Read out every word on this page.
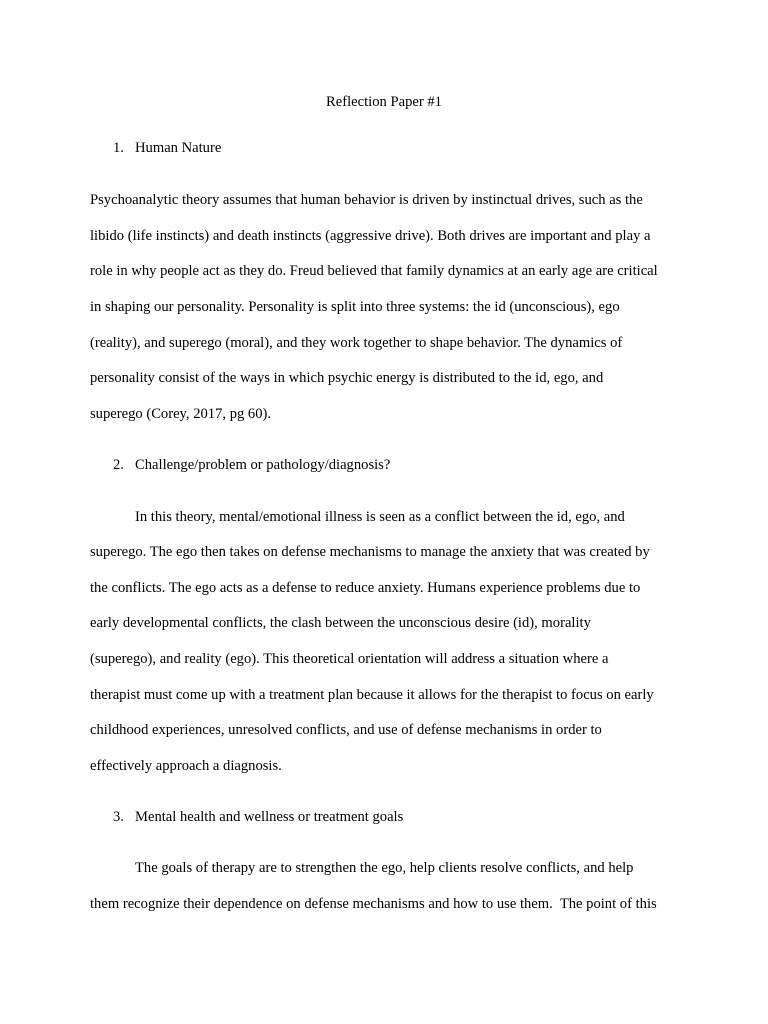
Reflection Paper #1
1. Human Nature
Psychoanalytic theory assumes that human behavior is driven by instinctual drives, such as the
libido (life instincts) and death instincts (aggressive drive). Both drives are important and play a
role in why people act as they do. Freud believed that family dynamics at an early age are critical
in shaping our personality. Personality is split into three systems: the id (unconscious), ego
(reality), and superego (moral), and they work together to shape behavior. The dynamics of
personality consist of the ways in which psychic energy is distributed to the id, ego, and
superego (Corey, 2017, pg 60).
2. Challenge/problem or pathology/diagnosis?
In this theory, mental/emotional illness is seen as a conflict between the id, ego, and
superego. The ego then takes on defense mechanisms to manage the anxiety that was created by
the conflicts. The ego acts as a defense to reduce anxiety. Humans experience problems due to
early developmental conflicts, the clash between the unconscious desire (id), morality
(superego), and reality (ego). This theoretical orientation will address a situation where a
therapist must come up with a treatment plan because it allows for the therapist to focus on early
childhood experiences, unresolved conflicts, and use of defense mechanisms in order to
effectively approach a diagnosis.
3. Mental health and wellness or treatment goals
The goals of therapy are to strengthen the ego, help clients resolve conflicts, and help
them recognize their dependence on defense mechanisms and how to use them.  The point of this
